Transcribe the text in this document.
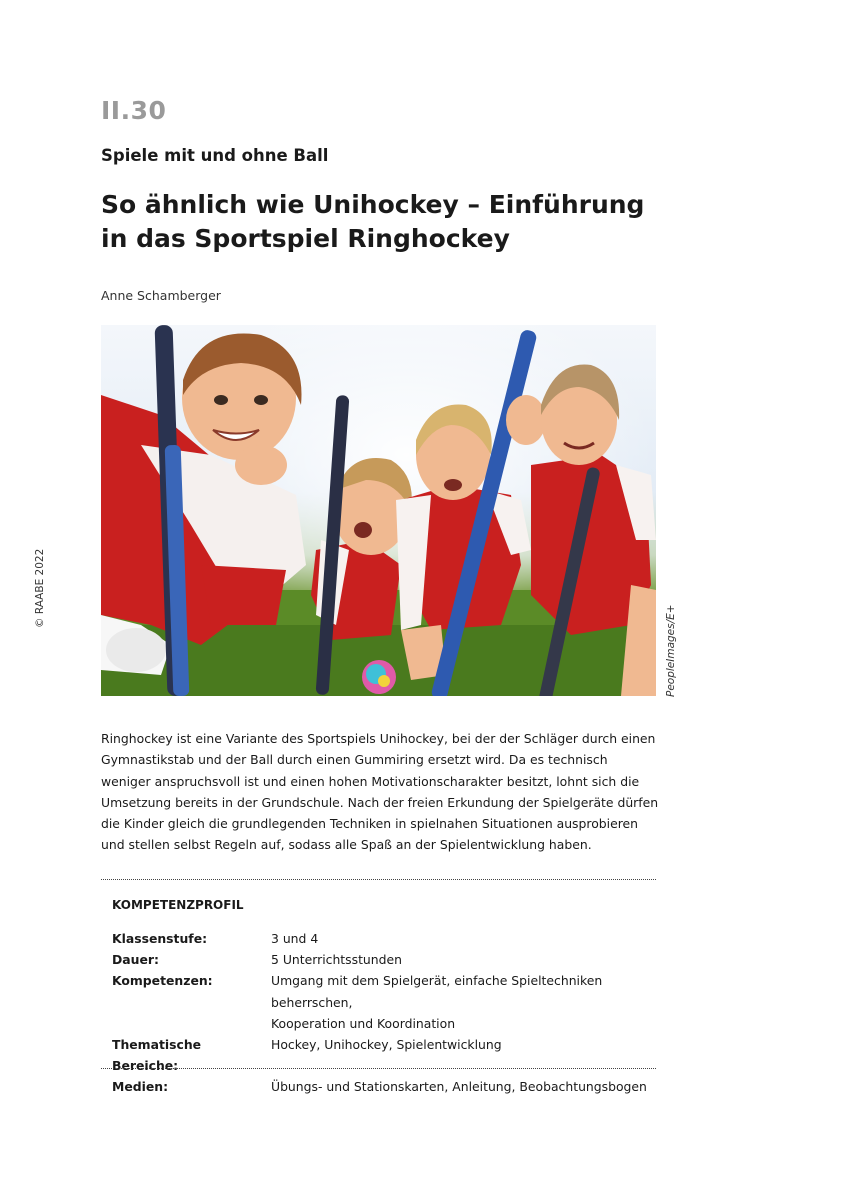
II.30
Spiele mit und ohne Ball
So ähnlich wie Unihockey – Einführung in das Sportspiel Ringhockey
Anne Schamberger
© RAABE 2022
PeopleImages/E+

Ringhockey ist eine Variante des Sportspiels Unihockey, bei der der Schläger durch einen Gymnastikstab und der Ball durch einen Gummiring ersetzt wird. Da es technisch weniger anspruchsvoll ist und einen hohen Motivationscharakter besitzt, lohnt sich die Umsetzung bereits in der Grundschule. Nach der freien Erkundung der Spielgeräte dürfen die Kinder gleich die grundlegenden Techniken in spielnahen Situationen ausprobieren und stellen selbst Regeln auf, sodass alle Spaß an der Spielentwicklung haben.

KOMPETENZPROFIL
Klassenstufe:	3 und 4
Dauer:	5 Unterrichtsstunden
Kompetenzen:	Umgang mit dem Spielgerät, einfache Spieltechniken beherrschen,
Kooperation und Koordination
Thematische Bereiche:
Hockey, Unihockey, Spielentwicklung
Medien:	Übungs- und Stationskarten, Anleitung, Beobachtungsbogen
